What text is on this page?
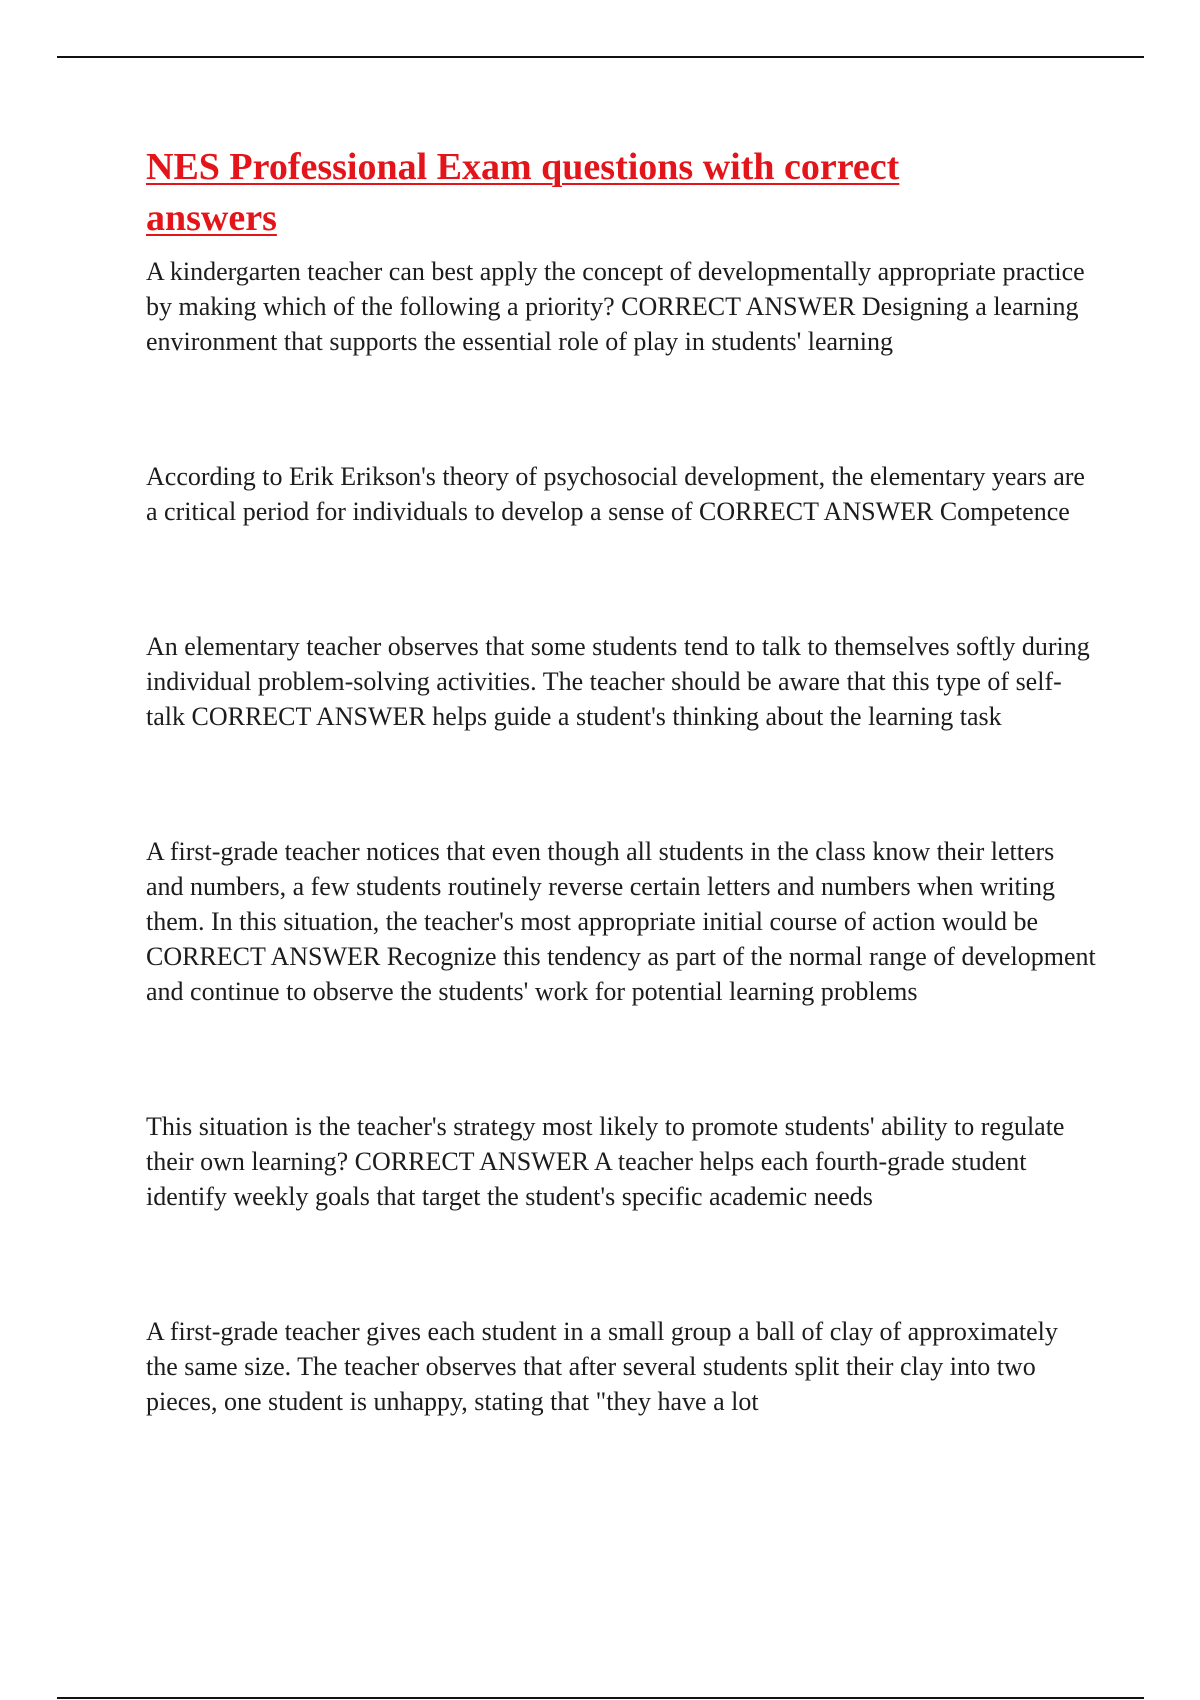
NES Professional Exam questions with correct answers

A kindergarten teacher can best apply the concept of developmentally appropriate practice by making which of the following a priority? CORRECT ANSWER Designing a learning environment that supports the essential role of play in students' learning

According to Erik Erikson's theory of psychosocial development, the elementary years are a critical period for individuals to develop a sense of CORRECT ANSWER Competence

An elementary teacher observes that some students tend to talk to themselves softly during individual problem-solving activities. The teacher should be aware that this type of self-talk CORRECT ANSWER helps guide a student's thinking about the learning task

A first-grade teacher notices that even though all students in the class know their letters and numbers, a few students routinely reverse certain letters and numbers when writing them. In this situation, the teacher's most appropriate initial course of action would be CORRECT ANSWER Recognize this tendency as part of the normal range of development and continue to observe the students' work for potential learning problems

This situation is the teacher's strategy most likely to promote students' ability to regulate their own learning? CORRECT ANSWER A teacher helps each fourth-grade student identify weekly goals that target the student's specific academic needs

A first-grade teacher gives each student in a small group a ball of clay of approximately the same size. The teacher observes that after several students split their clay into two pieces, one student is unhappy, stating that "they have a lot
